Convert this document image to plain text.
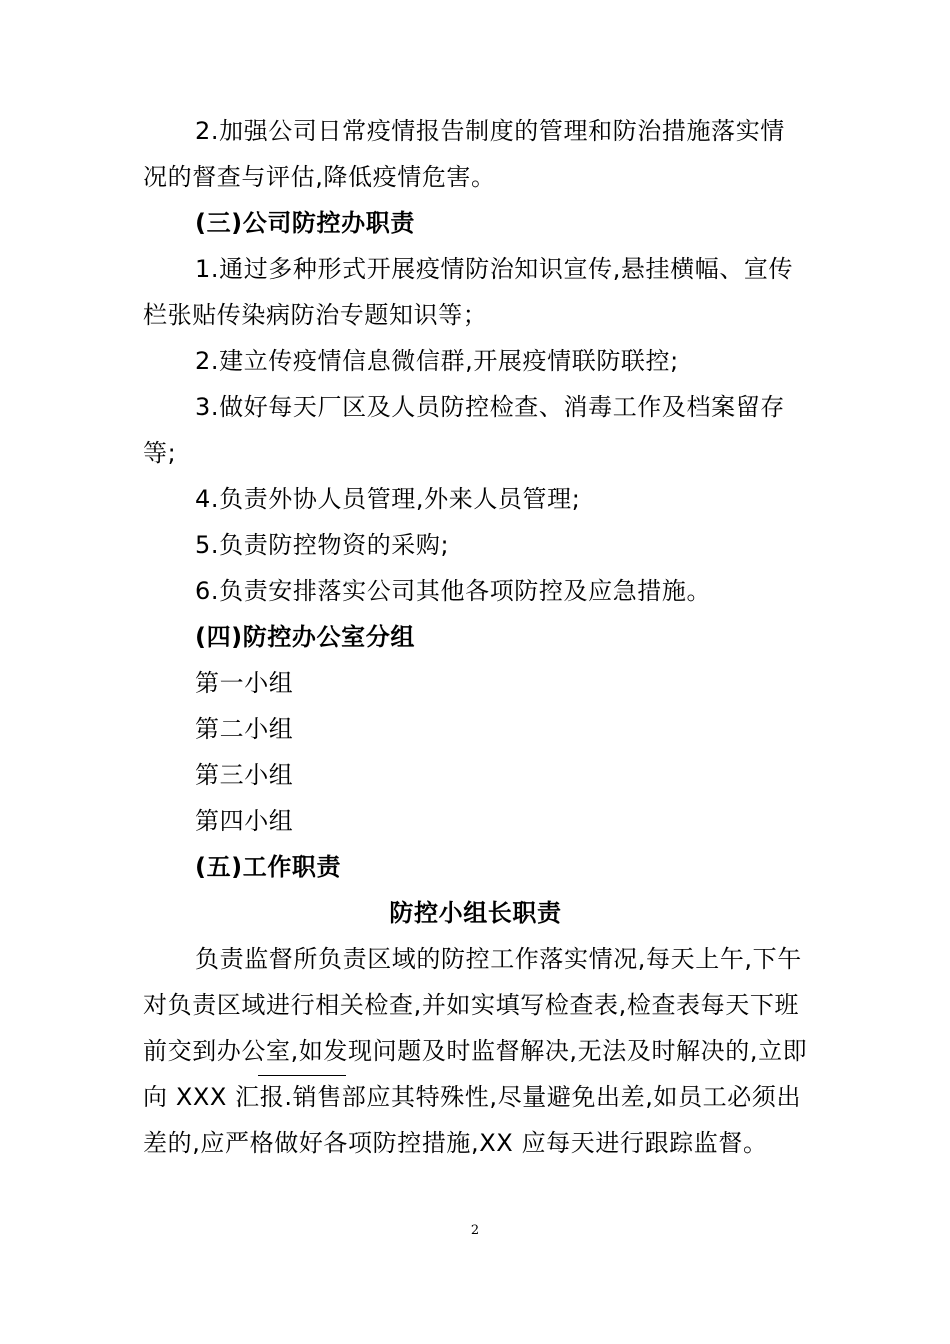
2.加强公司日常疫情报告制度的管理和防治措施落实情况的督查与评估,降低疫情危害。

(三)公司防控办职责

1.通过多种形式开展疫情防治知识宣传,悬挂横幅、宣传栏张贴传染病防治专题知识等；

2.建立传疫情信息微信群,开展疫情联防联控;

3.做好每天厂区及人员防控检查、消毒工作及档案留存等;

4.负责外协人员管理,外来人员管理;

5.负责防控物资的采购;

6.负责安排落实公司其他各项防控及应急措施。

(四)防控办公室分组

第一小组

第二小组

第三小组

第四小组

(五)工作职责

防控小组长职责

负责监督所负责区域的防控工作落实情况,每天上午,下午对负责区域进行相关检查,并如实填写检查表,检查表每天下班前交到办公室,如发现问题及时监督解决,无法及时解决的,立即向 XXX 汇报.销售部应其特殊性,尽量避免出差,如员工必须出差的,应严格做好各项防控措施,XX 应每天进行跟踪监督。

2
